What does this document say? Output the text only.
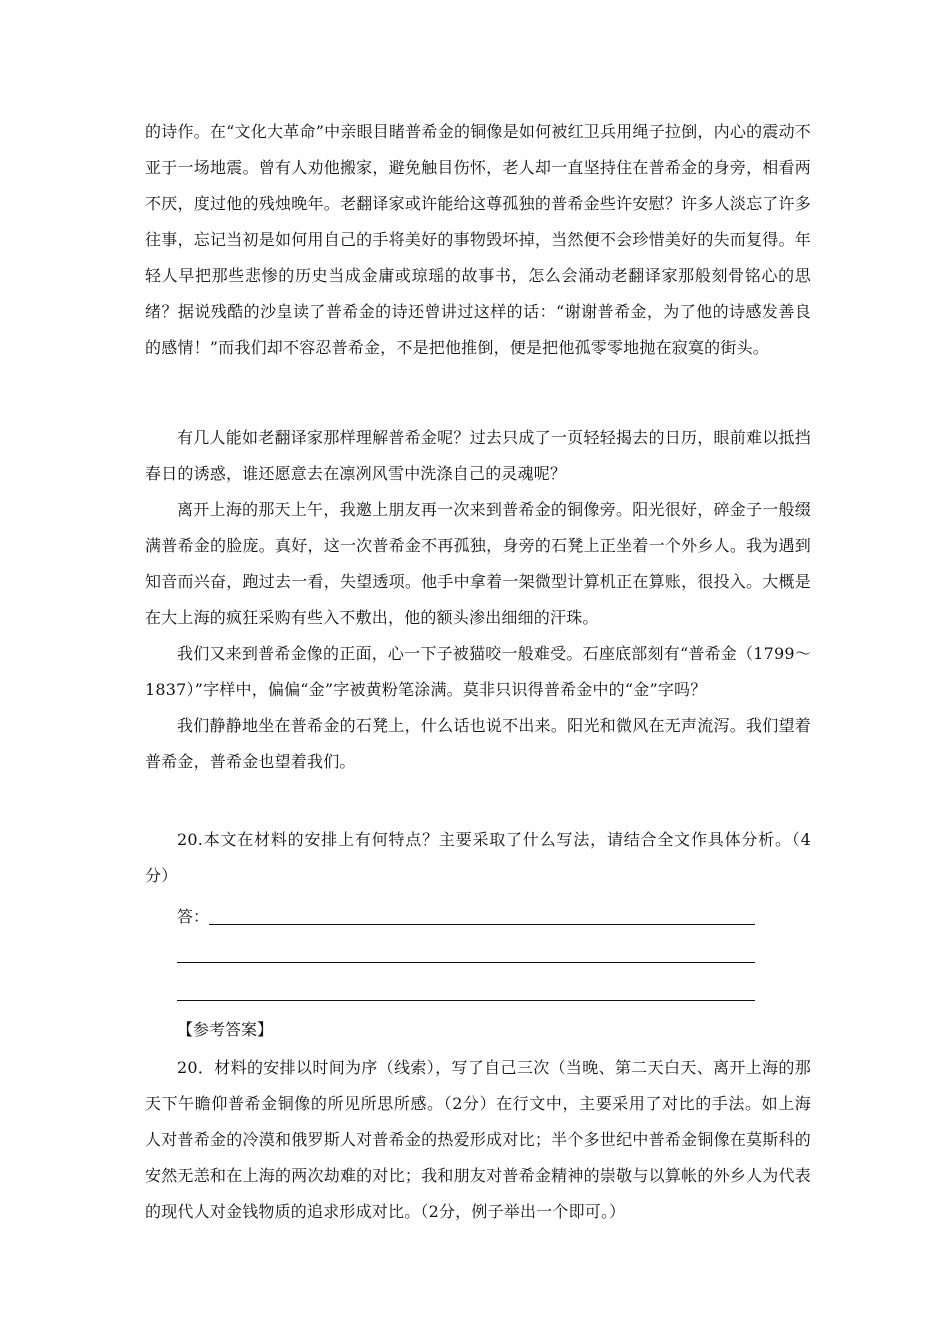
的诗作。在“文化大革命”中亲眼目睹普希金的铜像是如何被红卫兵用绳子拉倒，内心的震动不亚于一场地震。曾有人劝他搬家，避免触目伤怀，老人却一直坚持住在普希金的身旁，相看两不厌，度过他的残烛晚年。老翻译家或许能给这尊孤独的普希金些许安慰？许多人淡忘了许多往事，忘记当初是如何用自己的手将美好的事物毁坏掉，当然便不会珍惜美好的失而复得。年轻人早把那些悲惨的历史当成金庸或琼瑶的故事书，怎么会涌动老翻译家那般刻骨铭心的思绪？据说残酷的沙皇读了普希金的诗还曾讲过这样的话：“谢谢普希金，为了他的诗感发善良的感情！”而我们却不容忍普希金，不是把他推倒，便是把他孤零零地抛在寂寞的街头。

有几人能如老翻译家那样理解普希金呢？过去只成了一页轻轻揭去的日历，眼前难以抵挡春日的诱惑，谁还愿意去在凛冽风雪中洗涤自己的灵魂呢？

离开上海的那天上午，我邀上朋友再一次来到普希金的铜像旁。阳光很好，碎金子一般缀满普希金的脸庞。真好，这一次普希金不再孤独，身旁的石凳上正坐着一个外乡人。我为遇到知音而兴奋，跑过去一看，失望透项。他手中拿着一架微型计算机正在算账，很投入。大概是在大上海的疯狂采购有些入不敷出，他的额头渗出细细的汗珠。

我们又来到普希金像的正面，心一下子被猫咬一般难受。石座底部刻有“普希金（1799～1837）”字样中，偏偏“金”字被黄粉笔涂满。莫非只识得普希金中的“金”字吗？

我们静静地坐在普希金的石凳上，什么话也说不出来。阳光和微风在无声流泻。我们望着普希金，普希金也望着我们。

20.本文在材料的安排上有何特点？主要采取了什么写法，请结合全文作具体分析。（4分）

答：
【参考答案】

20．材料的安排以时间为序（线索），写了自己三次（当晚、第二天白天、离开上海的那天下午瞻仰普希金铜像的所见所思所感。（2分）在行文中，主要采用了对比的手法。如上海人对普希金的冷漠和俄罗斯人对普希金的热爱形成对比；半个多世纪中普希金铜像在莫斯科的安然无恙和在上海的两次劫难的对比；我和朋友对普希金精神的崇敬与以算帐的外乡人为代表的现代人对金钱物质的追求形成对比。（2分，例子举出一个即可。）
